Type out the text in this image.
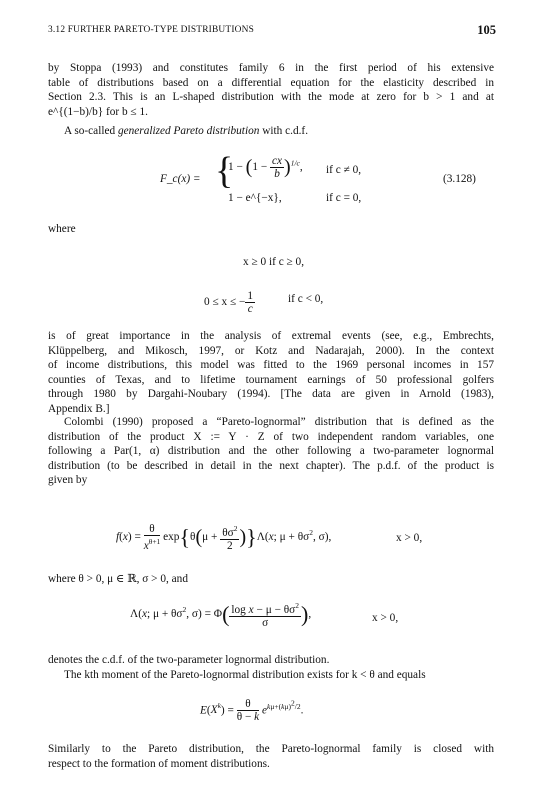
3.12 FURTHER PARETO-TYPE DISTRIBUTIONS	105
by Stoppa (1993) and constitutes family 6 in the first period of his extensive
table of distributions based on a differential equation for the elasticity described in
Section 2.3. This is an L-shaped distribution with the mode at zero for b > 1 and at
e^{(1−b)/b} for b ≤ 1.
A so-called generalized Pareto distribution with c.d.f.
F_c(x) = {
$1 - (1 - \frac{cx}{b} )^{1/c}$, if c ≠ 0,
1 − e^{−x},	if c = 0,
(3.128)
where
x ≥ 0 if c ≥ 0,
0 ≤ x ≤ − $\frac{1}{c}$	if c < 0,
is of great importance in the analysis of extremal events (see, e.g., Embrechts,
Klüppelberg, and Mikosch, 1997, or Kotz and Nadarajah, 2000). In the context
of income distributions, this model was fitted to the 1969 personal incomes in 157
counties of Texas, and to lifetime tournament earnings of 50 professional golfers
through 1980 by Dargahi-Noubary (1994). [The data are given in Arnold (1983),
Appendix B.]
Colombi (1990) proposed a “Pareto-lognormal” distribution that is defined as the
distribution of the product X := Y · Z of two independent random variables, one
following a Par(1, α) distribution and the other following a two-parameter lognormal
distribution (to be described in detail in the next chapter). The p.d.f. of the product is
given by
$f(x) = \frac{\theta}{x^{\theta+1}} \exp\{\theta(\mu + \frac{\theta\sigma^2}{2} )\}\Lambda(x$; $\mu + \theta\sigma^2$, σ),	x > 0,
where θ > 0, μ ∈ ℝ, σ > 0, and
Λ(x; $\mu + \theta\sigma^2$, $\sigma) = \Phi( \frac{\log x - \mu - \theta\sigma^2}{\sigma}$ ),	x > 0,
denotes the c.d.f. of the two-parameter lognormal distribution.
The kth moment of the Pareto-lognormal distribution exists for k < θ and equals
$E(X^k) = \frac{\theta}{\theta - k} e^{k\mu+(k\mu)^2/2}$.
Similarly to the Pareto distribution, the Pareto-lognormal family is closed with
respect to the formation of moment distributions.
